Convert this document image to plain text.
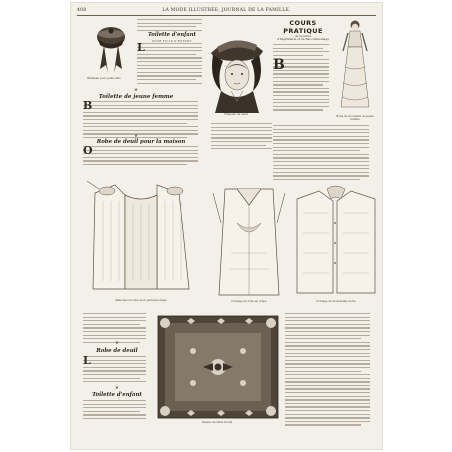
408	LA MODE ILLUSTRÉE, JOURNAL DE LA FAMILLE.
Bandeau pour jeune fille
Toilette d'enfant
POUR FILLE D'ENFANT
L
❦
Toilette de jeune femme
B
❦
Robe de deuil pour la maison
O
Chapeau de deuil
COURS PRATIQUE
de Couture
d'Imprimerie et de Raccommodage
B
Robe de la toilette de jeune femme
Manches de robe pour personne âgée	Corsage de robe en crépe	Corsage de mousseline noire
❦
Robe de deuil
L
❦
Toilette d'enfant
Dessus de table brodé
